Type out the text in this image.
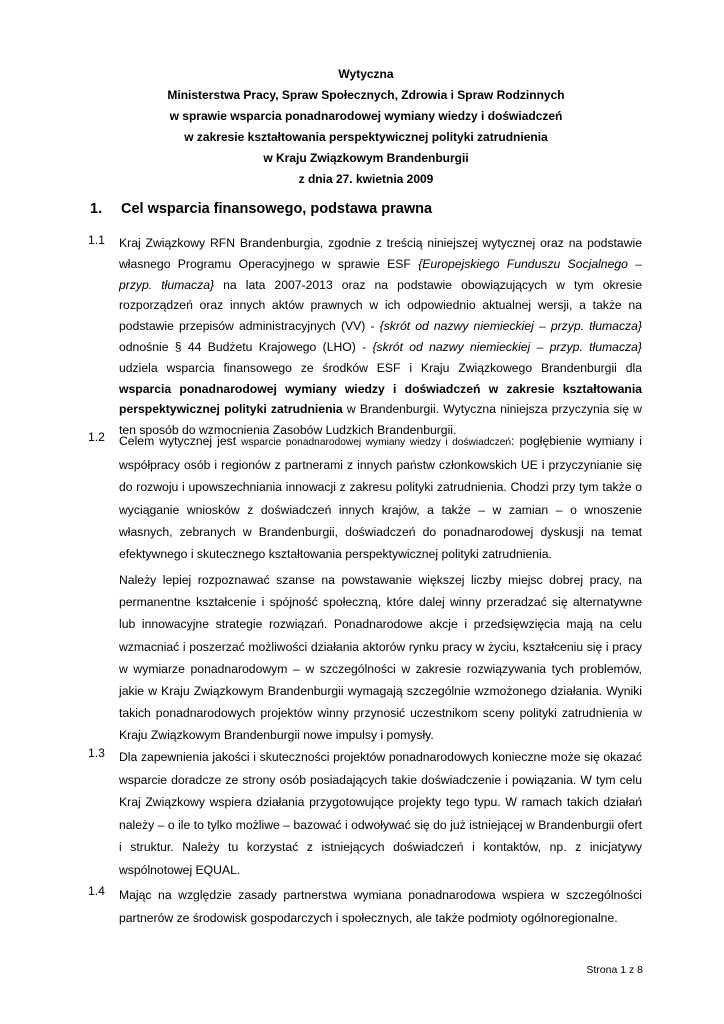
Wytyczna
Ministerstwa Pracy, Spraw Społecznych, Zdrowia i Spraw Rodzinnych
w sprawie wsparcia ponadnarodowej wymiany wiedzy i doświadczeń
w zakresie kształtowania perspektywicznej polityki zatrudnienia
w Kraju Związkowym Brandenburgii
z dnia 27. kwietnia 2009
1. Cel wsparcia finansowego, podstawa prawna
1.1 Kraj Związkowy RFN Brandenburgia, zgodnie z treścią niniejszej wytycznej oraz na podstawie własnego Programu Operacyjnego w sprawie ESF {Europejskiego Funduszu Socjalnego – przyp. tłumacza} na lata 2007-2013 oraz na podstawie obowiązujących w tym okresie rozporządzeń oraz innych aktów prawnych w ich odpowiednio aktualnej wersji, a także na podstawie przepisów administracyjnych (VV) - {skrót od nazwy niemieckiej – przyp. tłumacza} odnośnie § 44 Budżetu Krajowego (LHO) - {skrót od nazwy niemieckiej – przyp. tłumacza} udziela wsparcia finansowego ze środków ESF i Kraju Związkowego Brandenburgii dla wsparcia ponadnarodowej wymiany wiedzy i doświadczeń w zakresie kształtowania perspektywicznej polityki zatrudnienia w Brandenburgii. Wytyczna niniejsza przyczynia się w ten sposób do wzmocnienia Zasobów Ludzkich Brandenburgii.
1.2 Celem wytycznej jest wsparcie ponadnarodowej wymiany wiedzy i doświadczeń: pogłębienie wymiany i współpracy osób i regionów z partnerami z innych państw członkowskich UE i przyczynianie się do rozwoju i upowszechniania innowacji z zakresu polityki zatrudnienia. Chodzi przy tym także o wyciąganie wniosków z doświadczeń innych krajów, a także – w zamian – o wnoszenie własnych, zebranych w Brandenburgii, doświadczeń do ponadnarodowej dyskusji na temat efektywnego i skutecznego kształtowania perspektywicznej polityki zatrudnienia.
Należy lepiej rozpoznawać szanse na powstawanie większej liczby miejsc dobrej pracy, na permanentne kształcenie i spójność społeczną, które dalej winny przeradzać się alternatywne lub innowacyjne strategie rozwiązań. Ponadnarodowe akcje i przedsięwzięcia mają na celu wzmacniać i poszerzać możliwości działania aktorów rynku pracy w życiu, kształceniu się i pracy w wymiarze ponadnarodowym – w szczególności w zakresie rozwiązywania tych problemów, jakie w Kraju Związkowym Brandenburgii wymagają szczególnie wzmożonego działania. Wyniki takich ponadnarodowych projektów winny przynosić uczestnikom sceny polityki zatrudnienia w Kraju Związkowym Brandenburgii nowe impulsy i pomysły.
1.3 Dla zapewnienia jakości i skuteczności projektów ponadnarodowych konieczne może się okazać wsparcie doradcze ze strony osób posiadających takie doświadczenie i powiązania. W tym celu Kraj Związkowy wspiera działania przygotowujące projekty tego typu. W ramach takich działań należy – o ile to tylko możliwe – bazować i odwoływać się do już istniejącej w Brandenburgii ofert i struktur. Należy tu korzystać z istniejących doświadczeń i kontaktów, np. z inicjatywy wspólnotowej EQUAL.
1.4 Mając na względzie zasady partnerstwa wymiana ponadnarodowa wspiera w szczególności partnerów ze środowisk gospodarczych i społecznych, ale także podmioty ogólnoregionalne.
Strona 1 z 8
